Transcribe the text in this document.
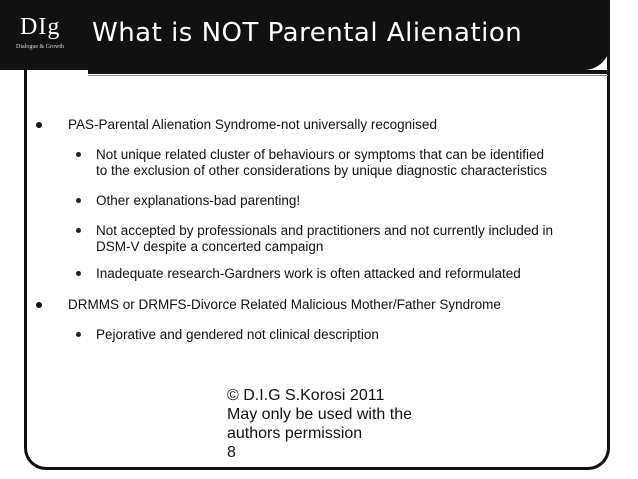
DIg
Dialogue & Growth What is NOT Parental Alienation
PAS-Parental Alienation Syndrome-not universally recognised
Not unique related cluster of behaviours or symptoms that can be identified
to the exclusion of other considerations by unique diagnostic characteristics
Other explanations-bad parenting!
Not accepted by professionals and practitioners and not currently included in
DSM-V despite a concerted campaign
Inadequate research-Gardners work is often attacked and reformulated
DRMMS or DRMFS-Divorce Related Malicious Mother/Father Syndrome
Pejorative and gendered not clinical description
© D.I.G S.Korosi 2011
May only be used with the
authors permission
8
